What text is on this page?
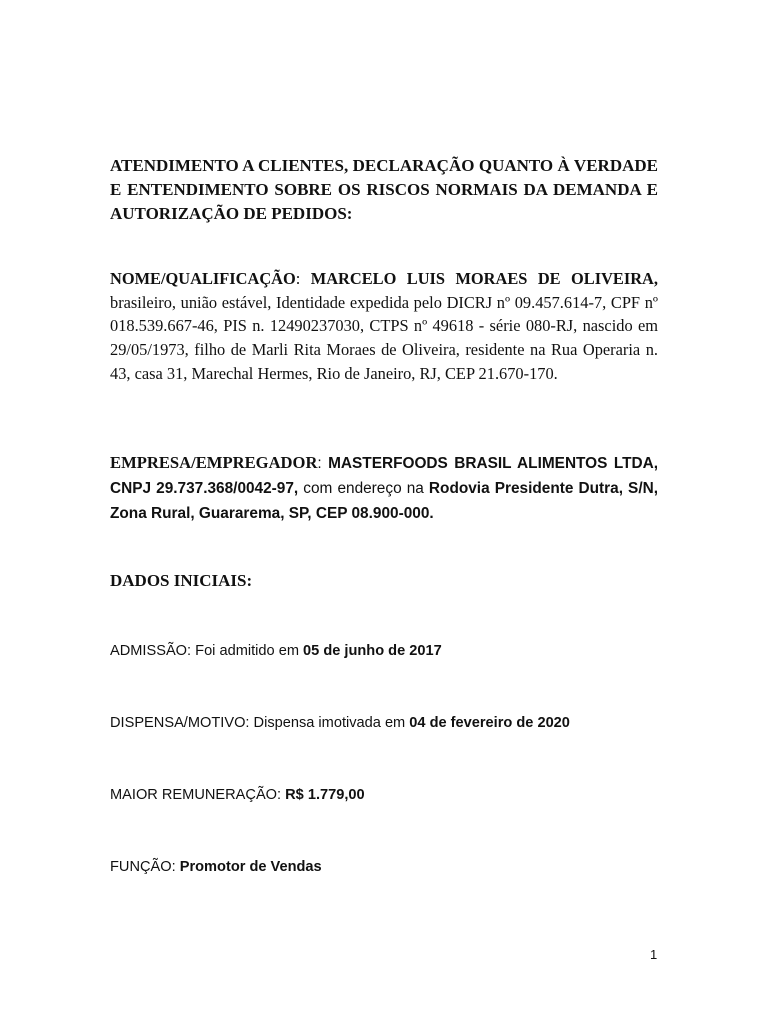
ATENDIMENTO A CLIENTES, DECLARAÇÃO QUANTO À VERDADE E ENTENDIMENTO SOBRE OS RISCOS NORMAIS DA DEMANDA E AUTORIZAÇÃO DE PEDIDOS:
NOME/QUALIFICAÇÃO: MARCELO LUIS MORAES DE OLIVEIRA, brasileiro, união estável, Identidade expedida pelo DICRJ nº 09.457.614-7, CPF nº 018.539.667-46, PIS n. 12490237030, CTPS nº 49618 - série 080-RJ, nascido em 29/05/1973, filho de Marli Rita Moraes de Oliveira, residente na Rua Operaria n. 43, casa 31, Marechal Hermes, Rio de Janeiro, RJ, CEP 21.670-170.
EMPRESA/EMPREGADOR: MASTERFOODS BRASIL ALIMENTOS LTDA, CNPJ 29.737.368/0042-97, com endereço na Rodovia Presidente Dutra, S/N, Zona Rural, Guararema, SP, CEP 08.900-000.
DADOS INICIAIS:
ADMISSÃO: Foi admitido em 05 de junho de 2017
DISPENSA/MOTIVO: Dispensa imotivada em 04 de fevereiro de 2020
MAIOR REMUNERAÇÃO: R$ 1.779,00
FUNÇÃO: Promotor de Vendas
1
